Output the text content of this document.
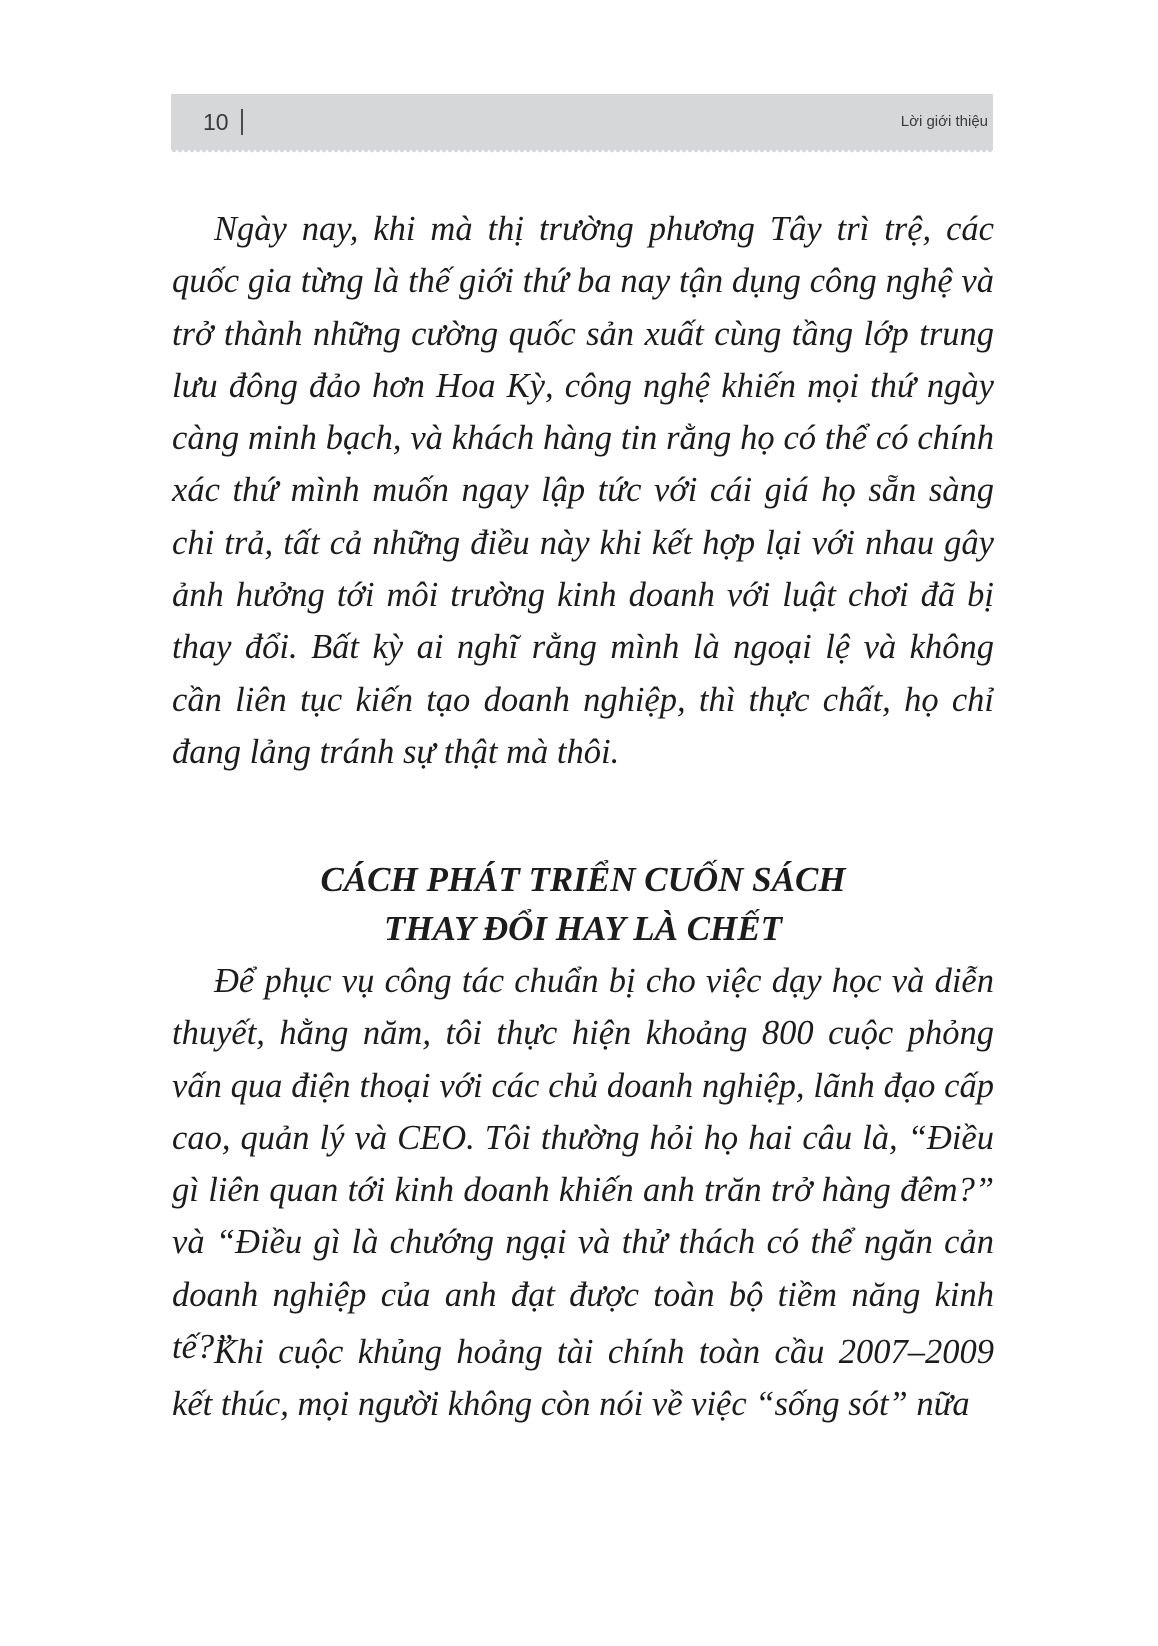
10	Lời giới thiệu

Ngày nay, khi mà thị trường phương Tây trì trệ, các quốc gia từng là thế giới thứ ba nay tận dụng công nghệ và trở thành những cường quốc sản xuất cùng tầng lớp trung lưu đông đảo hơn Hoa Kỳ, công nghệ khiến mọi thứ ngày càng minh bạch, và khách hàng tin rằng họ có thể có chính xác thứ mình muốn ngay lập tức với cái giá họ sẵn sàng chi trả, tất cả những điều này khi kết hợp lại với nhau gây ảnh hưởng tới môi trường kinh doanh với luật chơi đã bị thay đổi. Bất kỳ ai nghĩ rằng mình là ngoại lệ và không cần liên tục kiến tạo doanh nghiệp, thì thực chất, họ chỉ đang lảng tránh sự thật mà thôi.

CÁCH PHÁT TRIỂN CUỐN SÁCH
THAY ĐỔI HAY LÀ CHẾT

Để phục vụ công tác chuẩn bị cho việc dạy học và diễn thuyết, hằng năm, tôi thực hiện khoảng 800 cuộc phỏng vấn qua điện thoại với các chủ doanh nghiệp, lãnh đạo cấp cao, quản lý và CEO. Tôi thường hỏi họ hai câu là, “Điều gì liên quan tới kinh doanh khiến anh trăn trở hàng đêm?” và “Điều gì là chướng ngại và thử thách có thể ngăn cản doanh nghiệp của anh đạt được toàn bộ tiềm năng kinh tế?”

Khi cuộc khủng hoảng tài chính toàn cầu 2007–2009 kết thúc, mọi người không còn nói về việc “sống sót” nữa
